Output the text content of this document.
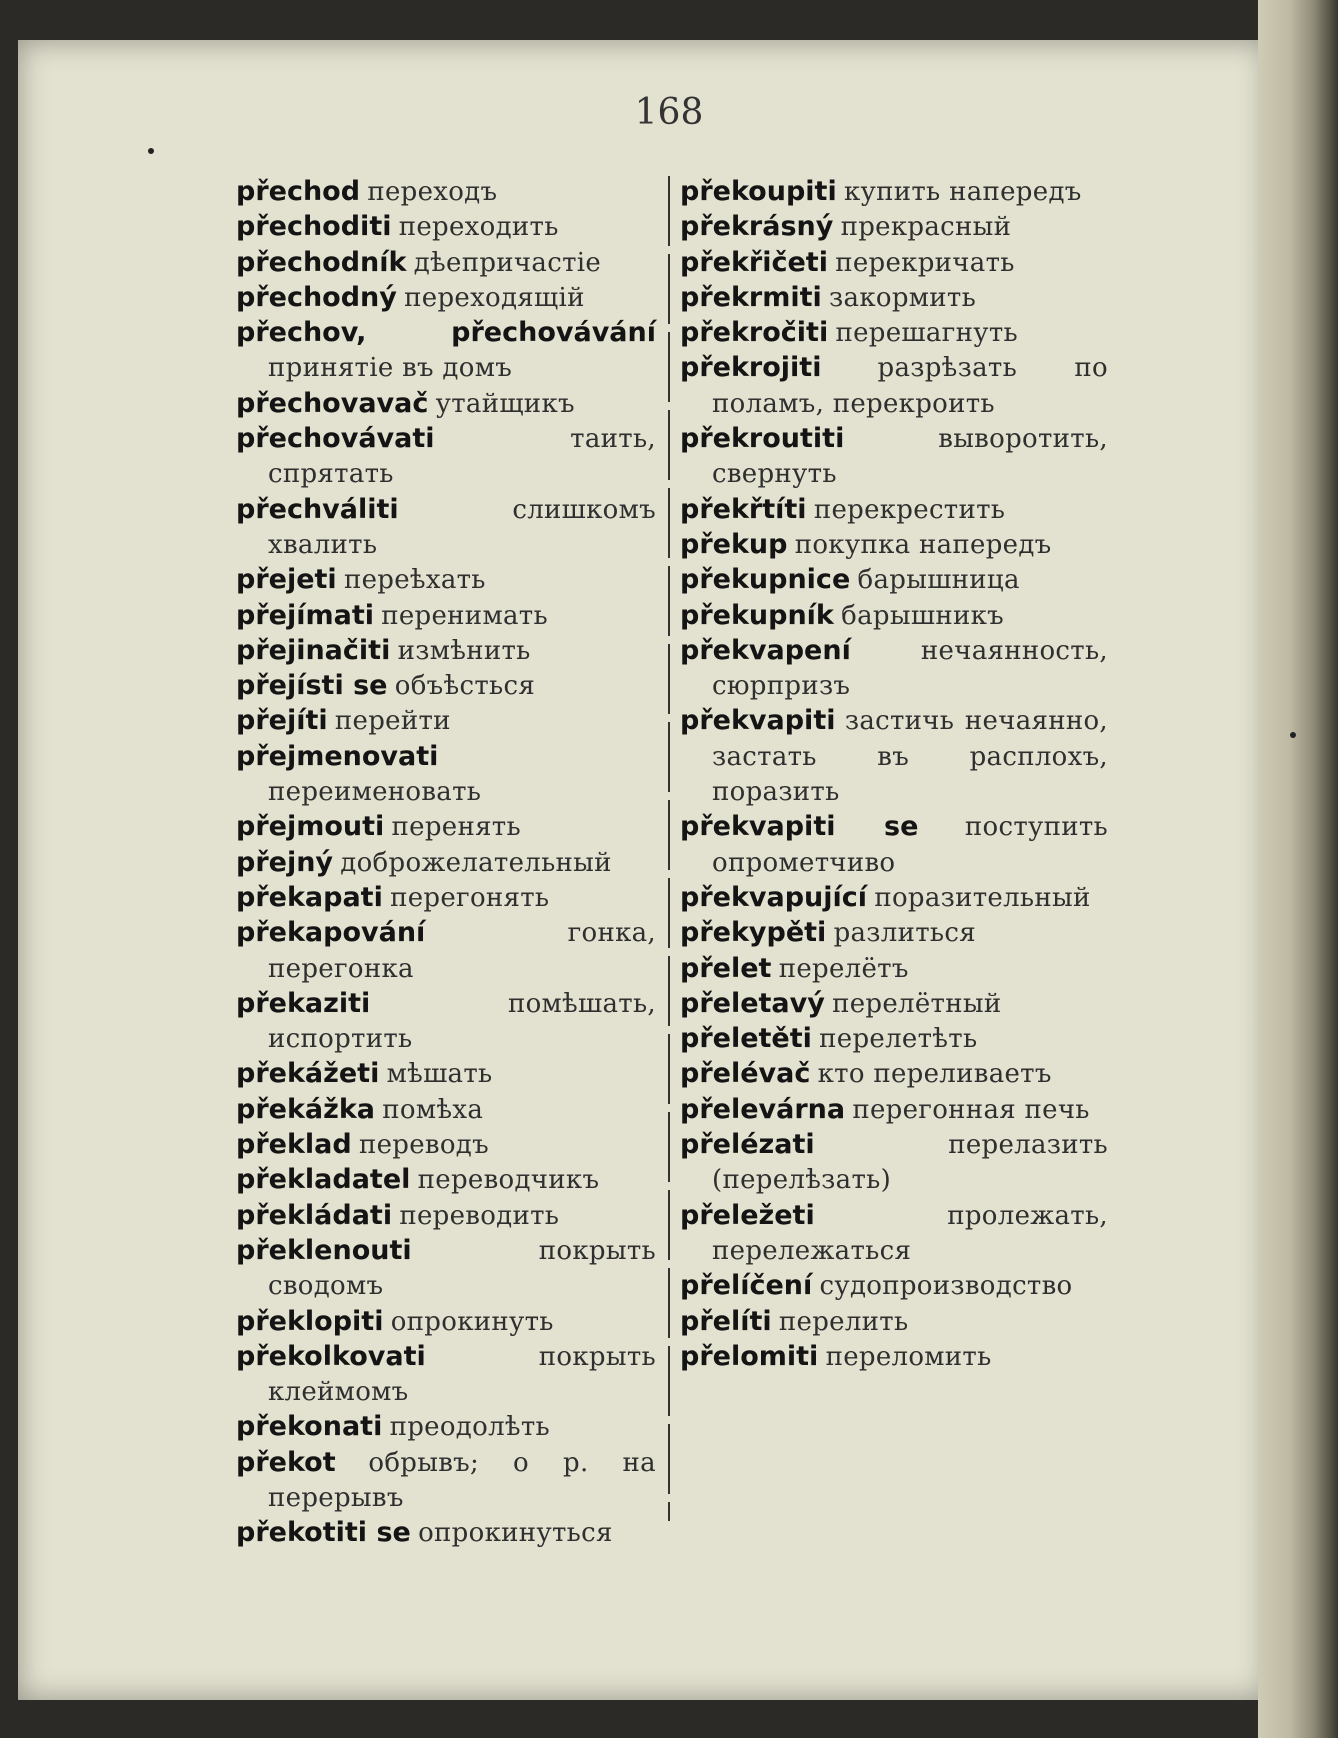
168
přechod переходъ
přechoditi переходить
přechodník дѣепричастіе
přechodný переходящій
přechov, přechovávání принятіе въ домъ
přechovavač утайщикъ
přechovávati	таить, спрятать
přechváliti	слишкомъ хвалить
přejeti переѣхать
přejímati перенимать
přejinačiti измѣнить
přejísti se объѣсться
přejíti перейти
přejmenovati переименовать
přejmouti перенять
přejný доброжелательный
překapati перегонять
překapování	гонка, перегонка
překaziti	помѣшать, испортить
překážeti мѣшать
překážka помѣха
překlad переводъ
překladatel переводчикъ
překládati переводить
překlenouti	покрыть сводомъ
překlopiti опрокинуть
překolkovati	покрыть клеймомъ
překonati преодолѣть
překot обрывъ; o p. на перерывъ
překotiti se опрокинуться
překoupiti купить напередъ
překrásný прекрасный
překřičeti перекричать
překrmiti закормить
překročiti перешагнуть
překrojiti разрѣзать по поламъ, перекроить
překroutiti	выворотить, свернуть
překřtíti перекрестить
překup покупка напередъ
překupnice барышница
překupník барышникъ
překvapení	нечаянность, сюрпризъ
překvapiti застичь нечаянно, застать въ расплохъ, поразить
překvapiti se поступить опрометчиво
překvapující поразительный
překypěti разлиться
přelet перелётъ
přeletavý перелётный
přeletěti перелетѣть
přelévač кто переливаетъ
přelevárna перегонная печь
přelézati	перелазить (перелѣзать)
přeležeti	пролежать, перележаться
přelíčení судопроизводство
přelíti перелить
přelomiti переломить
